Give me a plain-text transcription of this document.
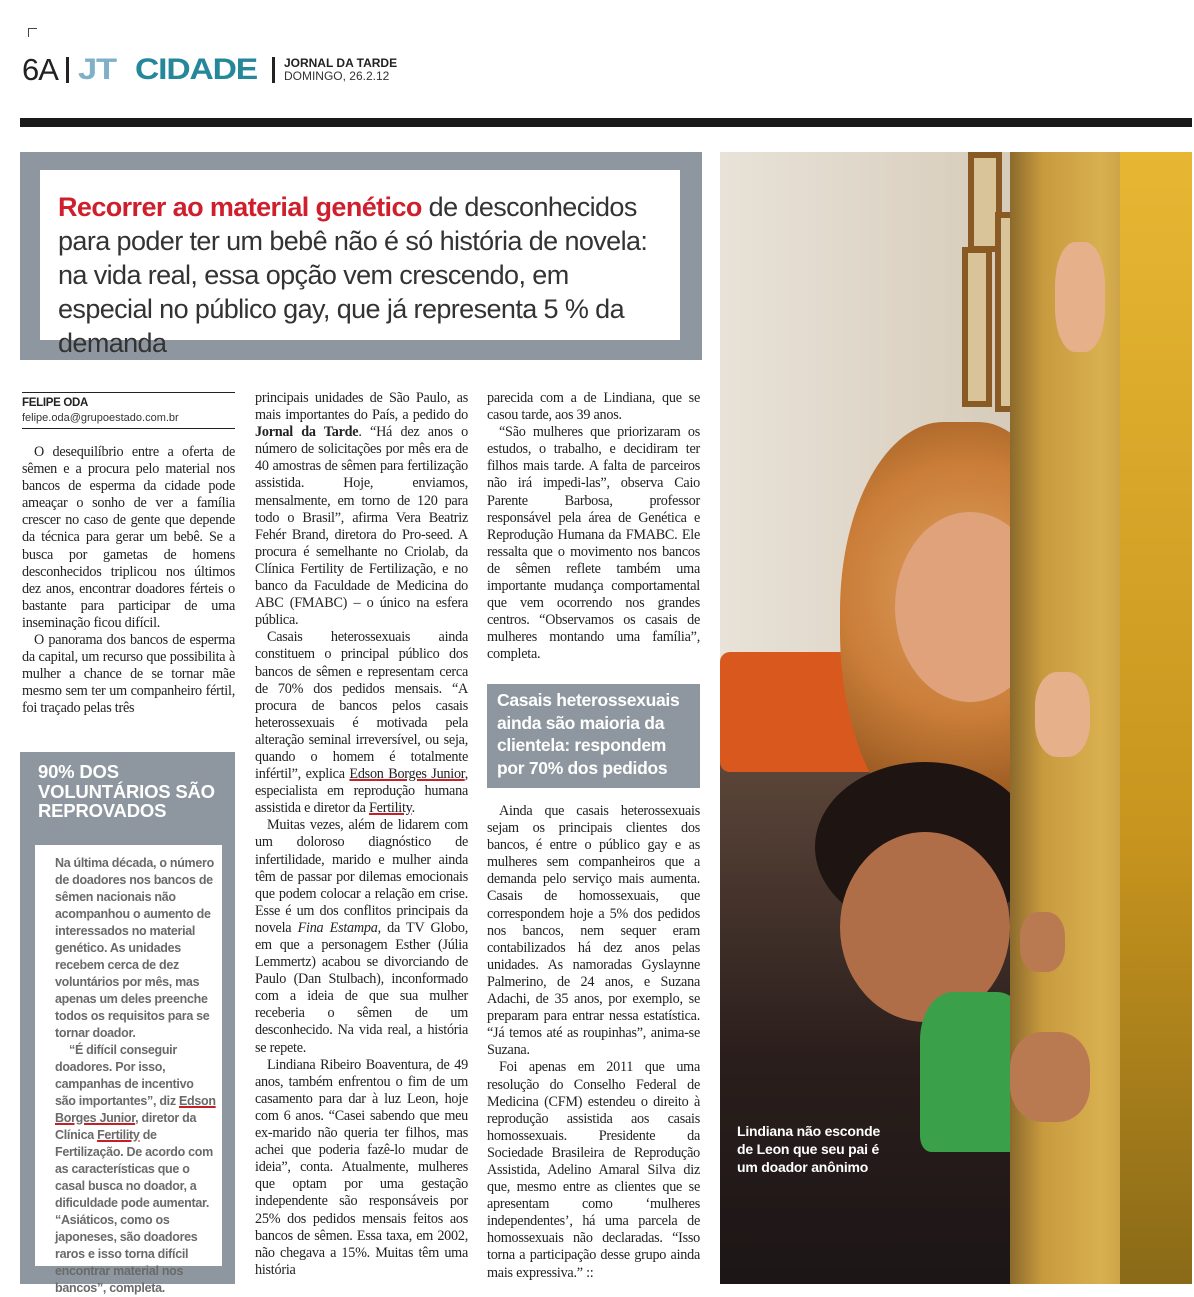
6A JT CIDADE JORNAL DA TARDE
DOMINGO, 26.2.12
Recorrer ao material genético de desconhecidos para poder ter um bebê não é só história de novela: na vida real, essa opção vem crescendo, em especial no público gay, que já representa 5 % da demanda
FELIPE ODA
felipe.oda@grupoestado.com.br

O desequilíbrio entre a oferta de sêmen e a procura pelo material nos bancos de esperma da cidade pode ameaçar o sonho de ver a família crescer no caso de gente que depende da técnica para gerar um bebê. Se a busca por gametas de homens desconhecidos triplicou nos últimos dez anos, encontrar doadores férteis o bastante para participar de uma inseminação ficou difícil.

O panorama dos bancos de esperma da capital, um recurso que possibilita à mulher a chance de se tornar mãe mesmo sem ter um companheiro fértil, foi traçado pelas três

principais unidades de São Paulo, as mais importantes do País, a pedido do Jornal da Tarde. “Há dez anos o número de solicitações por mês era de 40 amostras de sêmen para fertilização assistida. Hoje, enviamos, mensalmente, em torno de 120 para todo o Brasil”, afirma Vera Beatriz Fehér Brand, diretora do Pro-seed. A procura é semelhante no Criolab, da Clínica Fertility de Fertilização, e no banco da Faculdade de Medicina do ABC (FMABC) – o único na esfera pública.

Casais heterossexuais ainda constituem o principal público dos bancos de sêmen e representam cerca de 70% dos pedidos mensais. “A procura de bancos pelos casais heterossexuais é motivada pela alteração seminal irreversível, ou seja, quando o homem é totalmente infértil”, explica Edson Borges Junior, especialista em reprodução humana assistida e diretor da Fertility.

Muitas vezes, além de lidarem com um doloroso diagnóstico de infertilidade, marido e mulher ainda têm de passar por dilemas emocionais que podem colocar a relação em crise. Esse é um dos conflitos principais da novela Fina Estampa, da TV Globo, em que a personagem Esther (Júlia Lemmertz) acabou se divorciando de Paulo (Dan Stulbach), inconformado com a ideia de que sua mulher receberia o sêmen de um desconhecido. Na vida real, a história se repete.

Lindiana Ribeiro Boaventura, de 49 anos, também enfrentou o fim de um casamento para dar à luz Leon, hoje com 6 anos. “Casei sabendo que meu ex-marido não queria ter filhos, mas achei que poderia fazê-lo mudar de ideia”, conta. Atualmente, mulheres que optam por uma gestação independente são responsáveis por 25% dos pedidos mensais feitos aos bancos de sêmen. Essa taxa, em 2002, não chegava a 15%. Muitas têm uma história

parecida com a de Lindiana, que se casou tarde, aos 39 anos.

“São mulheres que priorizaram os estudos, o trabalho, e decidiram ter filhos mais tarde. A falta de parceiros não irá impedi-las”, observa Caio Parente Barbosa, professor responsável pela área de Genética e Reprodução Humana da FMABC. Ele ressalta que o movimento nos bancos de sêmen reflete também uma importante mudança comportamental que vem ocorrendo nos grandes centros. “Observamos os casais de mulheres montando uma família”, completa.

Casais heterossexuais ainda são maioria da clientela: respondem por 70% dos pedidos

Ainda que casais heterossexuais sejam os principais clientes dos bancos, é entre o público gay e as mulheres sem companheiros que a demanda pelo serviço mais aumenta. Casais de homossexuais, que correspondem hoje a 5% dos pedidos nos bancos, nem sequer eram contabilizados há dez anos pelas unidades. As namoradas Gyslaynne Palmerino, de 24 anos, e Suzana Adachi, de 35 anos, por exemplo, se preparam para entrar nessa estatística. “Já temos até as roupinhas”, anima-se Suzana.

Foi apenas em 2011 que uma resolução do Conselho Federal de Medicina (CFM) estendeu o direito à reprodução assistida aos casais homossexuais. Presidente da Sociedade Brasileira de Reprodução Assistida, Adelino Amaral Silva diz que, mesmo entre as clientes que se apresentam como ‘mulheres independentes’, há uma parcela de homossexuais não declaradas. “Isso torna a participação desse grupo ainda mais expressiva.” ::

90% DOS VOLUNTÁRIOS SÃO REPROVADOS

Na última década, o número de doadores nos bancos de sêmen nacionais não acompanhou o aumento de interessados no material genético. As unidades recebem cerca de dez voluntários por mês, mas apenas um deles preenche todos os requisitos para se tornar doador.

“É difícil conseguir doadores. Por isso, campanhas de incentivo são importantes”, diz Edson Borges Junior, diretor da Clínica Fertility de Fertilização. De acordo com as características que o casal busca no doador, a dificuldade pode aumentar. “Asiáticos, como os japoneses, são doadores raros e isso torna difícil encontrar material nos bancos”, completa.

Lindiana não esconde de Leon que seu pai é um doador anônimo
